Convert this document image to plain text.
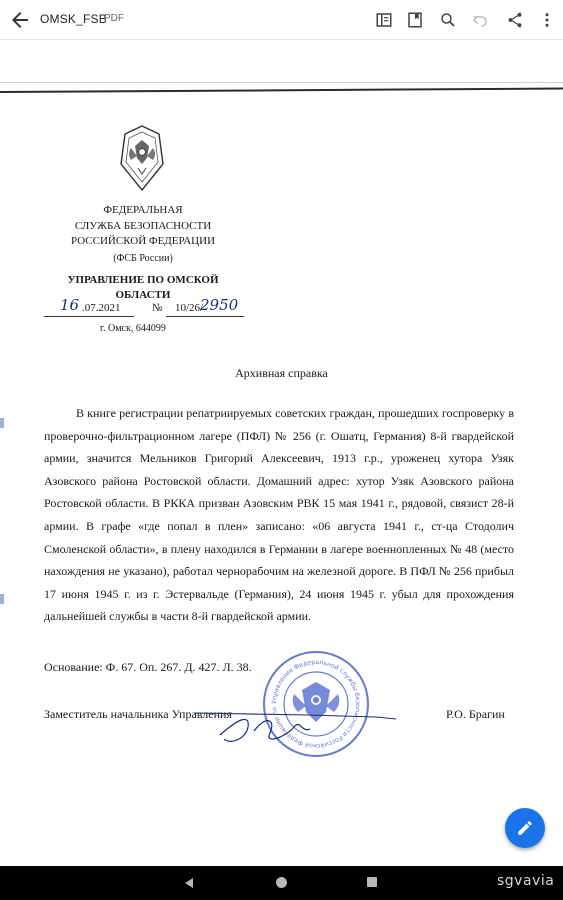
OMSK_FSB
PDF
ФЕДЕРАЛЬНАЯ
СЛУЖБА БЕЗОПАСНОСТИ
РОССИЙСКОЙ ФЕДЕРАЦИИ
(ФСБ России)
УПРАВЛЕНИЕ ПО ОМСКОЙ
ОБЛАСТИ
16 .07.2021	№ 10/26/
2950
г. Омск, 644099
Архивная справка
В книге регистрации репатриируемых советских граждан, прошедших госпроверку в проверочно-фильтрационном лагере (ПФЛ) № 256 (г. Ошатц, Германия) 8-й гвардейской армии, значится Мельников Григорий Алексеевич, 1913 г.р., уроженец хутора Узяк Азовского района Ростовской области. Домашний адрес: хутор Узяк Азовского района Ростовской области. В РККА призван Азовским РВК 15 мая 1941 г., рядовой, связист 28-й армии. В графе «где попал в плен» записано: «06 августа 1941 г., ст-ца Стодолич Смоленской области», в плену находился в Германии в лагере военнопленных № 48 (место нахождения не указано), работал чернорабочим на железной дороге. В ПФЛ № 256 прибыл 17 июня 1945 г. из г. Эстервальде (Германия), 24 июня 1945 г. убыл для прохождения дальнейшей службы в части 8-й гвардейской армии.
Основание: Ф. 67. Оп. 267. Д. 427. Л. 38.
Заместитель начальника Управления	Р.О. Брагин
Управление Федеральной службы безопасности Российской Федерации по
sgvavia
